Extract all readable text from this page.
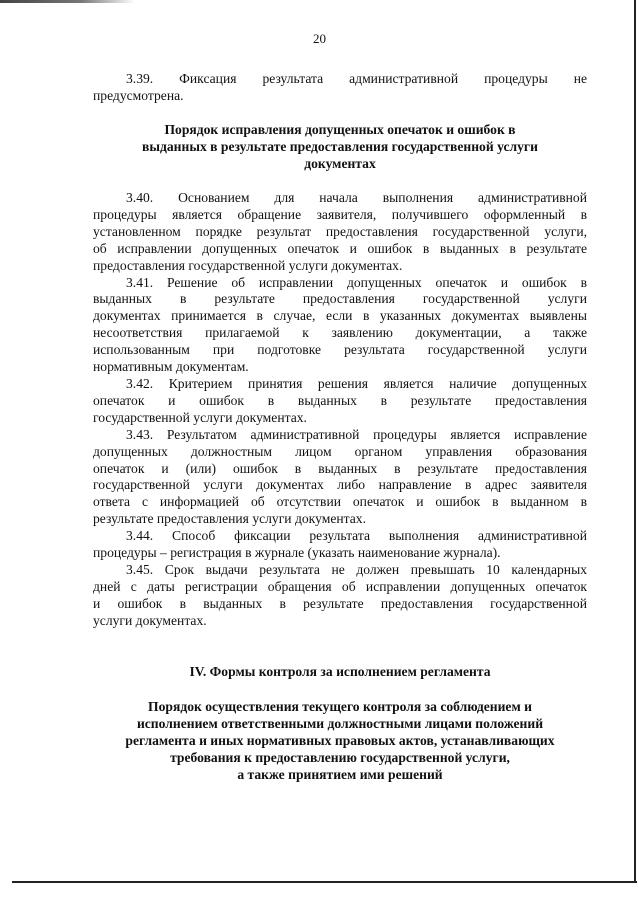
20
3.39. Фиксация результата административной процедуры не
предусмотрена.
Порядок исправления допущенных опечаток и ошибок в
выданных в результате предоставления государственной услуги
документах
3.40. Основанием для начала выполнения административной
процедуры является обращение заявителя, получившего оформленный в
установленном порядке результат предоставления государственной услуги,
об исправлении допущенных опечаток и ошибок в выданных в результате
предоставления государственной услуги документах.
3.41. Решение об исправлении допущенных опечаток и ошибок в
выданных в результате предоставления государственной услуги
документах принимается в случае, если в указанных документах выявлены
несоответствия прилагаемой к заявлению документации, а также
использованным при подготовке результата государственной услуги
нормативным документам.
3.42. Критерием принятия решения является наличие допущенных
опечаток и ошибок в выданных в результате предоставления
государственной услуги документах.
3.43. Результатом административной процедуры является исправление
допущенных должностным лицом органом управления образования
опечаток и (или) ошибок в выданных в результате предоставления
государственной услуги документах либо направление в адрес заявителя
ответа с информацией об отсутствии опечаток и ошибок в выданном в
результате предоставления услуги документах.
3.44. Способ фиксации результата выполнения административной
процедуры – регистрация в журнале (указать наименование журнала).
3.45. Срок выдачи результата не должен превышать 10 календарных
дней с даты регистрации обращения об исправлении допущенных опечаток
и ошибок в выданных в результате предоставления государственной
услуги документах.
IV. Формы контроля за исполнением регламента
Порядок осуществления текущего контроля за соблюдением и
исполнением ответственными должностными лицами положений
регламента и иных нормативных правовых актов, устанавливающих
требования к предоставлению государственной услуги,
а также принятием ими решений
